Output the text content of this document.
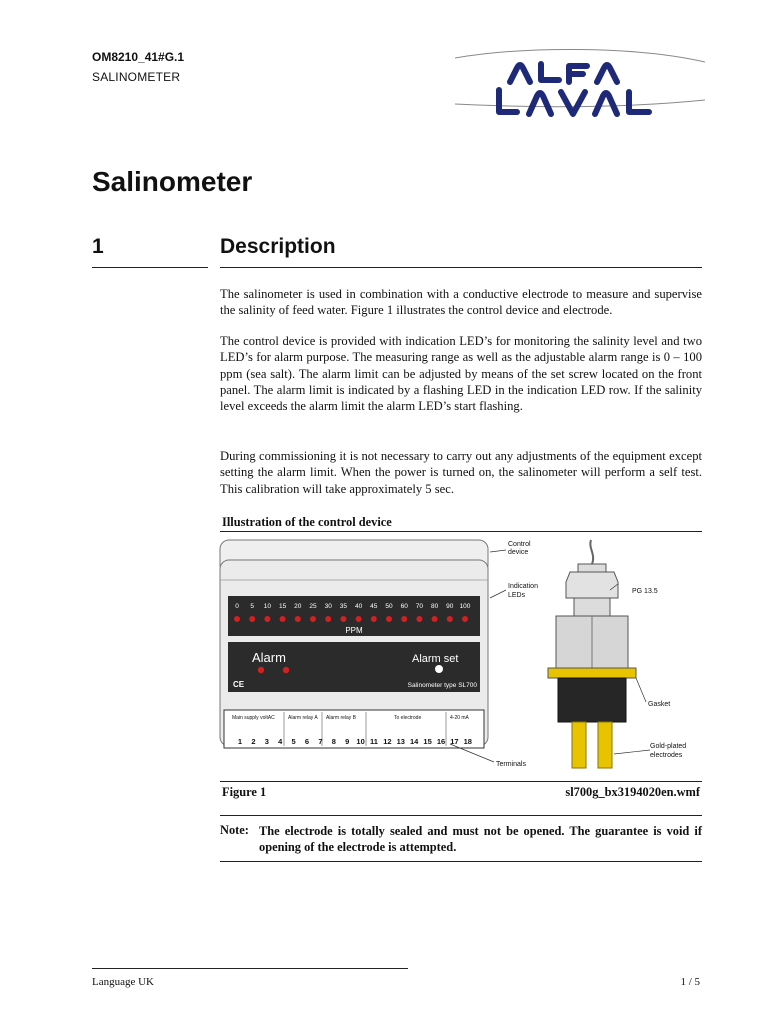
OM8210_41#G.1
SALINOMETER
Salinometer
1	Description

The salinometer is used in combination with a conductive electrode to measure and supervise the salinity of feed water. Figure 1 illustrates the control device and electrode.

The control device is provided with indication LED’s for monitoring the salinity level and two LED’s for alarm purpose. The measuring range as well as the adjustable alarm range is 0 – 100 ppm (sea salt). The alarm limit can be adjusted by means of the set screw located on the front panel. The alarm limit is indicated by a flashing LED in the indication LED row. If the salinity level exceeds the alarm limit the alarm LED’s start flashing.

During commissioning it is not necessary to carry out any adjustments of the equipment except setting the alarm limit. When the power is turned on, the salinometer will perform a self test. This calibration will take approximately 5 sec.

Illustration of the control device
0 5 10 15 20 25 30 35 40 45 50 60 70 80 90 100
PPM
Alarm	Alarm set
CE	Salinometer type SL700
Main supply voltAC	Alarm relay A Alarm relay B	To electrode	4-20 mA
1 2 3 4 5 6 7 8 9 10 11 12 13 14 15 16 17 18
Control
device
Indication
LEDs
PG 13.5
Gasket
Gold-plated
electrodes
Terminals
Figure 1	sl700g_bx3194020en.wmf
Note: The electrode is totally sealed and must not be opened. The guarantee is void if opening of the electrode is attempted.
Language UK	1 / 5
